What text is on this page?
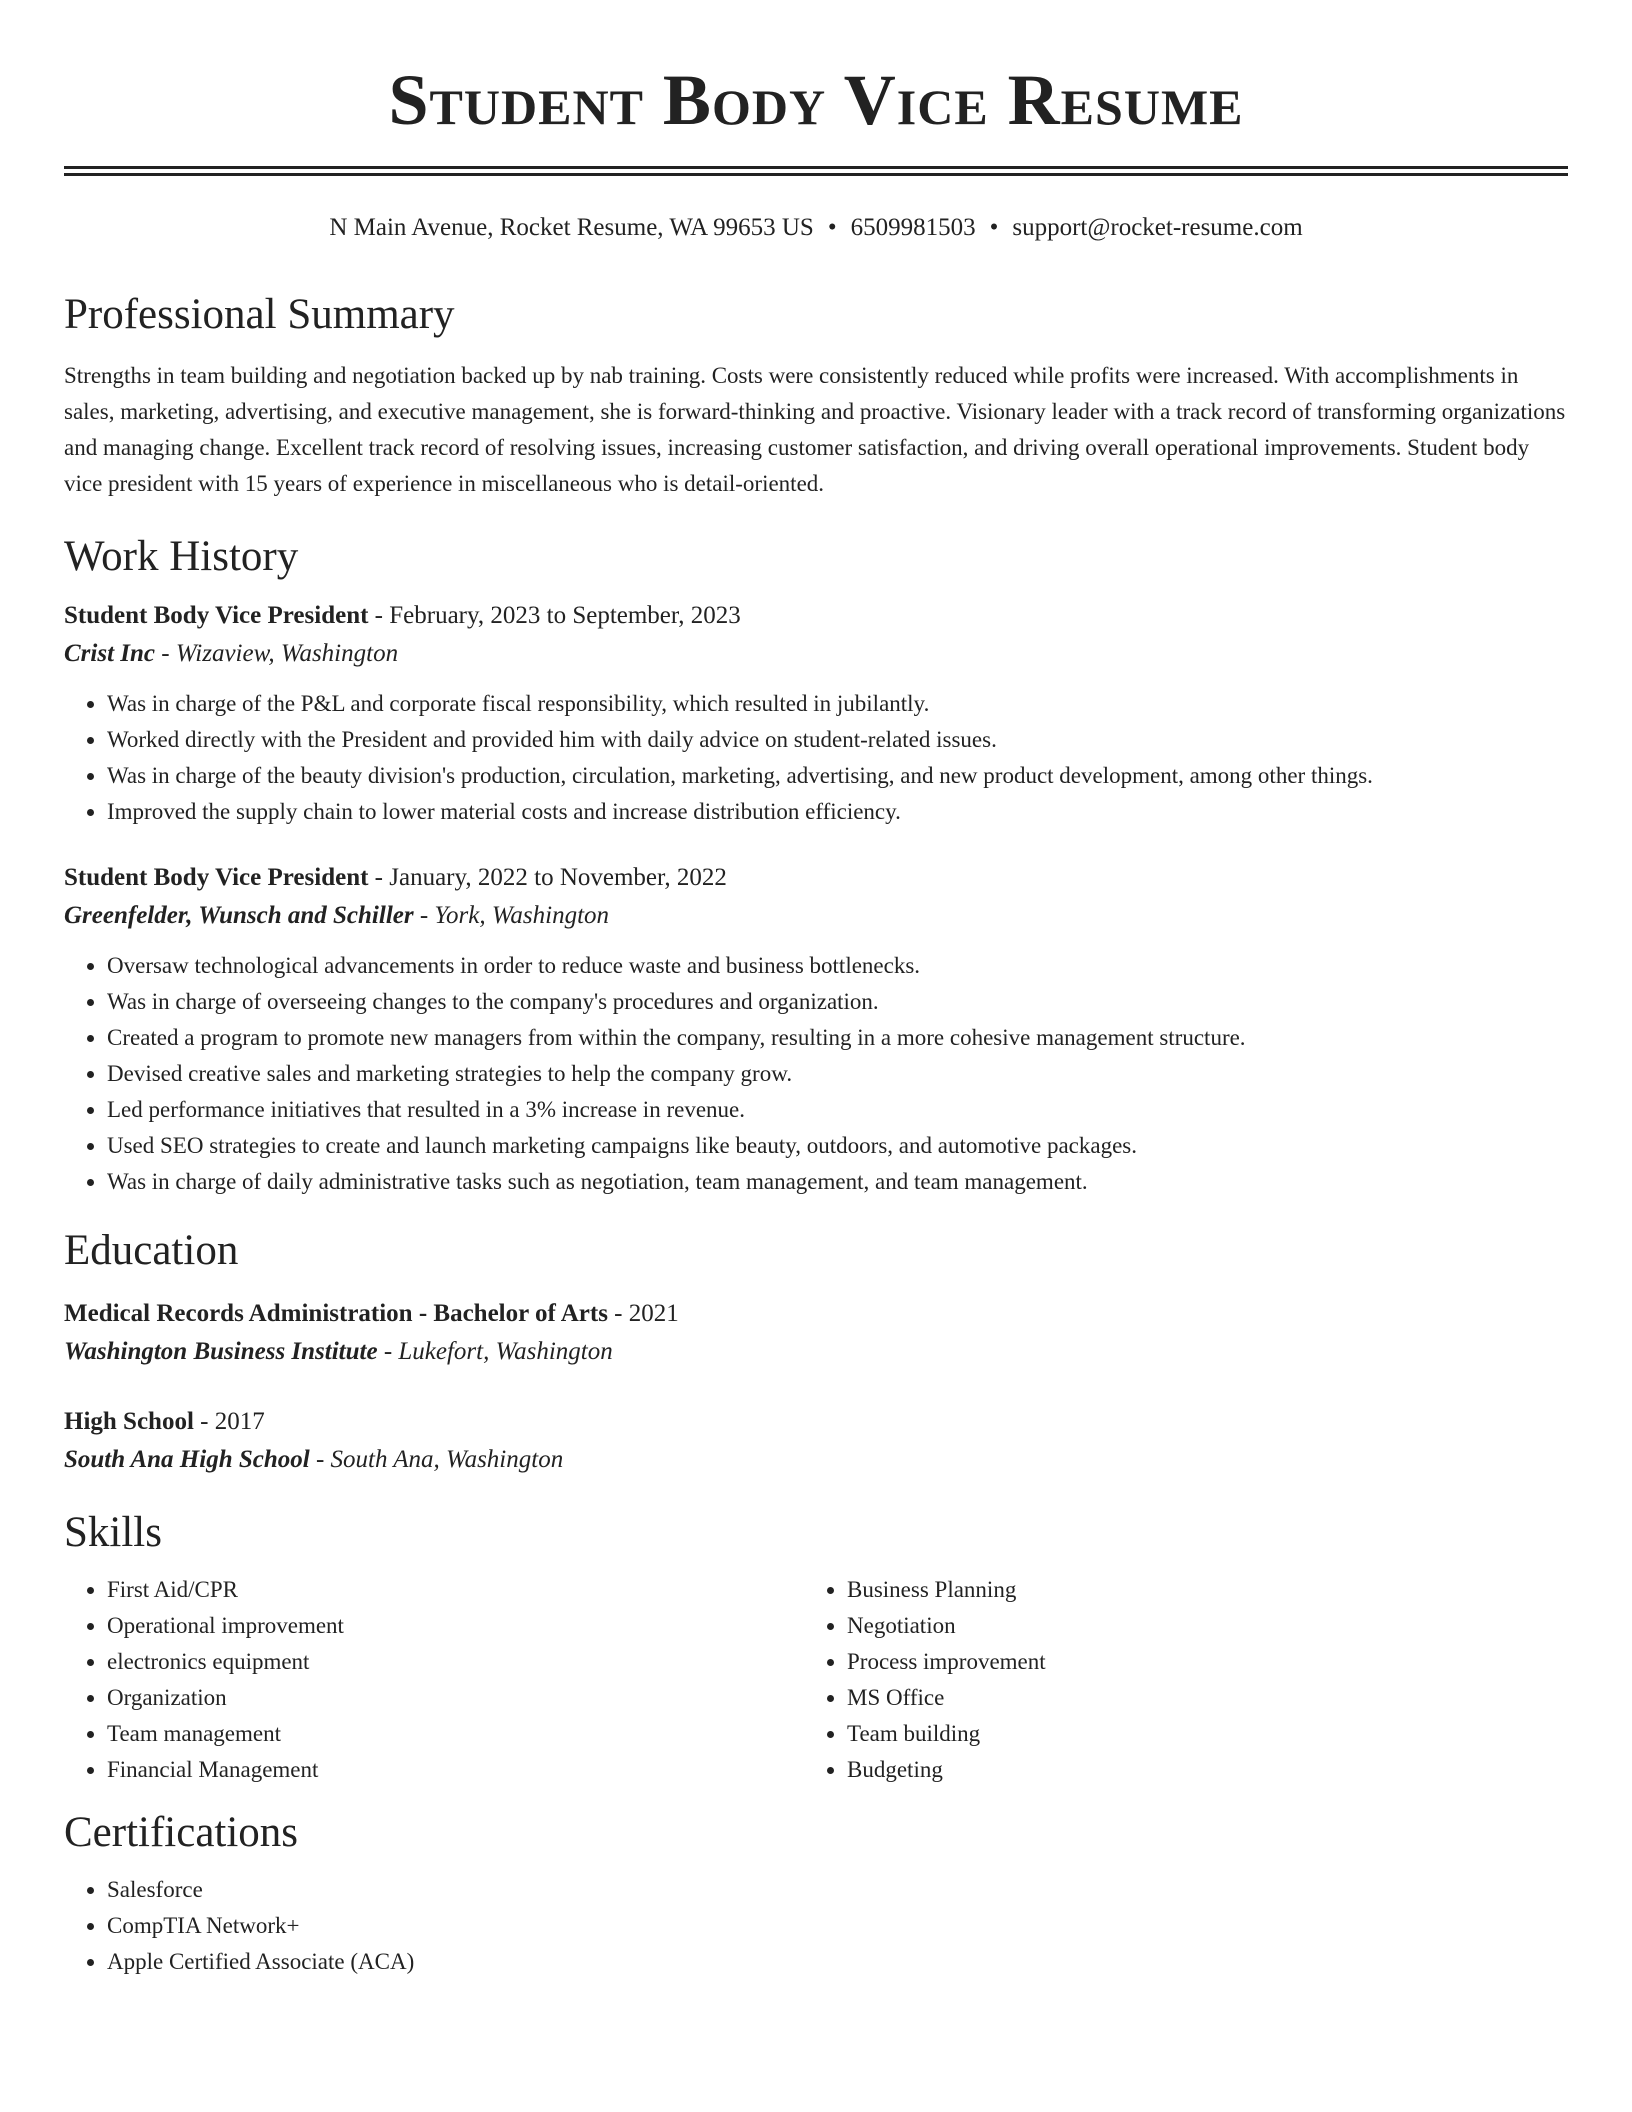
Student Body Vice Resume
N Main Avenue, Rocket Resume, WA 99653 US • 6509981503 • support@rocket-resume.com
Professional Summary
Strengths in team building and negotiation backed up by nab training. Costs were consistently reduced while profits were increased. With accomplishments in sales, marketing, advertising, and executive management, she is forward-thinking and proactive. Visionary leader with a track record of transforming organizations and managing change. Excellent track record of resolving issues, increasing customer satisfaction, and driving overall operational improvements. Student body vice president with 15 years of experience in miscellaneous who is detail-oriented.
Work History
Student Body Vice President - February, 2023 to September, 2023
Crist Inc - Wizaview, Washington
• Was in charge of the P&L and corporate fiscal responsibility, which resulted in jubilantly.
• Worked directly with the President and provided him with daily advice on student-related issues.
• Was in charge of the beauty division's production, circulation, marketing, advertising, and new product development, among other things.
• Improved the supply chain to lower material costs and increase distribution efficiency.
Student Body Vice President - January, 2022 to November, 2022
Greenfelder, Wunsch and Schiller - York, Washington
• Oversaw technological advancements in order to reduce waste and business bottlenecks.
• Was in charge of overseeing changes to the company's procedures and organization.
• Created a program to promote new managers from within the company, resulting in a more cohesive management structure.
• Devised creative sales and marketing strategies to help the company grow.
• Led performance initiatives that resulted in a 3% increase in revenue.
• Used SEO strategies to create and launch marketing campaigns like beauty, outdoors, and automotive packages.
• Was in charge of daily administrative tasks such as negotiation, team management, and team management.
Education
Medical Records Administration - Bachelor of Arts - 2021
Washington Business Institute - Lukefort, Washington
High School - 2017
South Ana High School - South Ana, Washington
Skills
• First Aid/CPR
• Operational improvement
• electronics equipment
• Organization
• Team management
• Financial Management
• Business Planning
• Negotiation
• Process improvement
• MS Office
• Team building
• Budgeting
Certifications
• Salesforce
• CompTIA Network+
• Apple Certified Associate (ACA)
